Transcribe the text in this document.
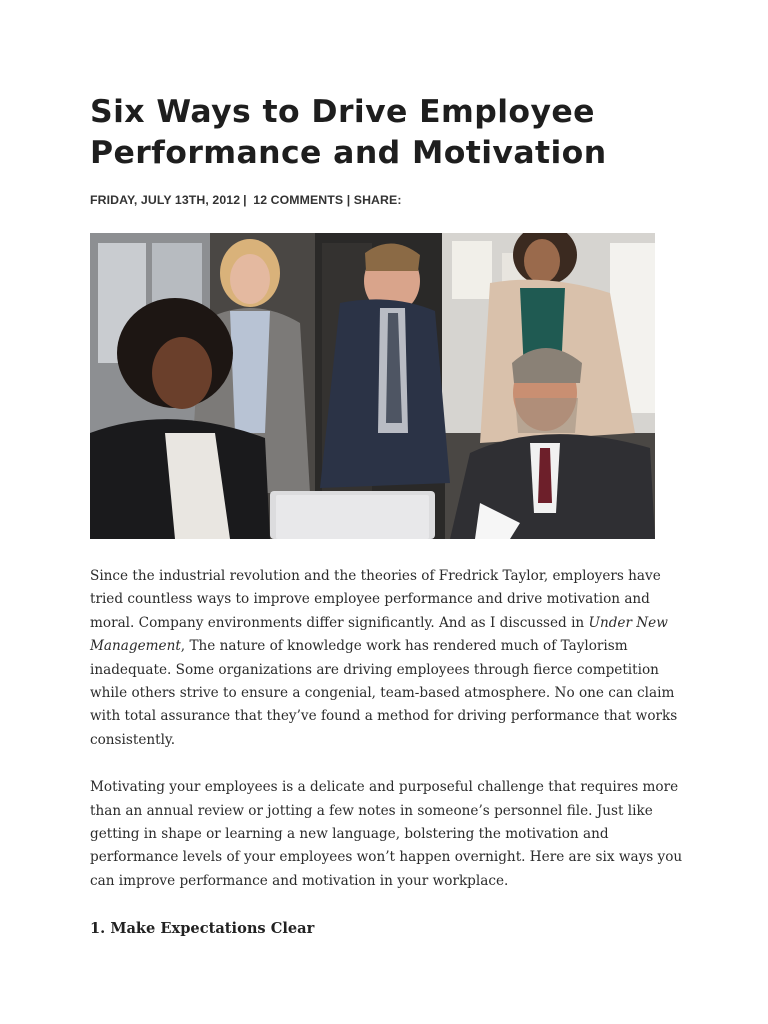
Six Ways to Drive Employee
Performance and Motivation
FRIDAY, JULY 13TH, 2012 | 12 COMMENTS | SHARE:

Since the industrial revolution and the theories of Fredrick Taylor, employers have tried countless ways to improve employee performance and drive motivation and moral. Company environments differ significantly. And as I discussed in Under New Management, The nature of knowledge work has rendered much of Taylorism inadequate. Some organizations are driving employees through fierce competition while others strive to ensure a congenial, team-based atmosphere. No one can claim with total assurance that they’ve found a method for driving performance that works consistently.

Motivating your employees is a delicate and purposeful challenge that requires more than an annual review or jotting a few notes in someone’s personnel file. Just like getting in shape or learning a new language, bolstering the motivation and performance levels of your employees won’t happen overnight. Here are six ways you can improve performance and motivation in your workplace.

1. Make Expectations Clear
